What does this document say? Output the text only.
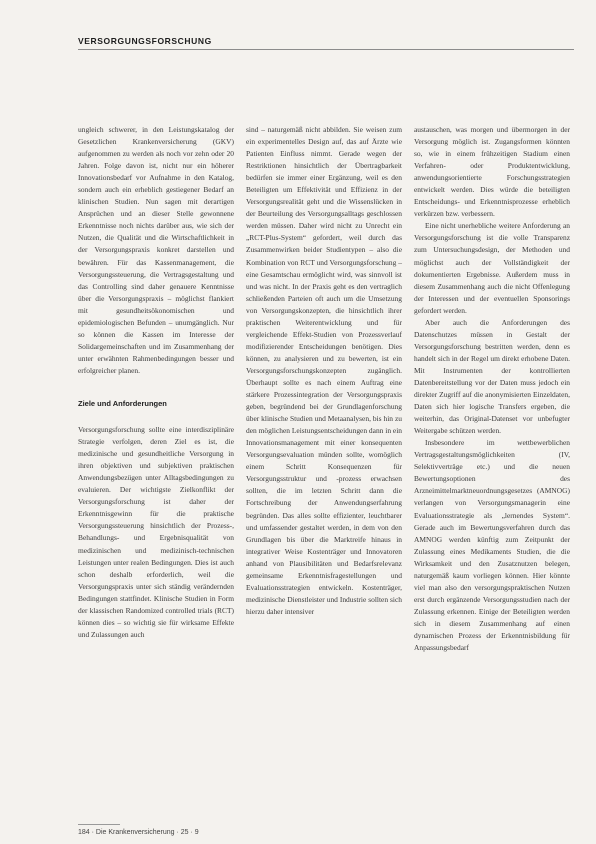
VERSORGUNGSFORSCHUNG

ungleich schwerer, in den Leistungskatalog der Gesetzlichen Krankenversicherung (GKV) aufgenommen zu werden als noch vor zehn oder 20 Jahren. Folge davon ist, nicht nur ein höherer Innovationsbedarf vor Aufnahme in den Katalog, sondern auch ein erheblich gestiegener Bedarf an klinischen Studien. Nun sagen mit derartigen Ansprüchen und an dieser Stelle gewonnene Erkenntnisse noch nichts darüber aus, wie sich der Nutzen, die Qualität und die Wirtschaftlichkeit in der Versorgungspraxis konkret darstellen und bewähren. Für das Kassenmanagement, die Versorgungssteuerung, die Vertragsgestaltung und das Controlling sind daher genauere Kenntnisse über die Versorgungspraxis – möglichst flankiert mit gesundheitsökonomischen und epidemiologischen Befunden – unumgänglich. Nur so können die Kassen im Interesse der Solidargemeinschaften und im Zusammenhang der unter erwähnten Rahmenbedingungen besser und erfolgreicher planen.

Ziele und Anforderungen

Versorgungsforschung sollte eine interdisziplinäre Strategie verfolgen, deren Ziel es ist, die medizinische und gesundheitliche Versorgung in ihren objektiven und subjektiven praktischen Anwendungsbezügen unter Alltagsbedingungen zu evaluieren. Der wichtigste Zielkonflikt der Versorgungsforschung ist daher der Erkenntnisgewinn für die praktische Versorgungssteuerung hinsichtlich der Prozess-, Behandlungs- und Ergebnisqualität von medizinischen und medizinisch-technischen Leistungen unter realen Bedingungen. Dies ist auch schon deshalb erforderlich, weil die Versorgungspraxis unter sich ständig verändernden Bedingungen stattfindet. Klinische Studien in Form der klassischen Randomized controlled trials (RCT) können dies – so wichtig sie für wirksame Effekte und Zulassungen auch

sind – naturgemäß nicht abbilden. Sie weisen zum ein experimentelles Design auf, das auf Ärzte wie Patienten Einfluss nimmt. Gerade wegen der Restriktionen hinsichtlich der Übertragbarkeit bedürfen sie immer einer Ergänzung, weil es den Beteiligten um Effektivität und Effizienz in der Versorgungsrealität geht und die Wissenslücken in der Beurteilung des Versorgungsalltags geschlossen werden müssen. Daher wird nicht zu Unrecht ein „RCT-Plus-System“ gefordert, weil durch das Zusammenwirken beider Studientypen – also die Kombination von RCT und Versorgungsforschung – eine Gesamtschau ermöglicht wird, was sinnvoll ist und was nicht. In der Praxis geht es den vertraglich schließenden Parteien oft auch um die Umsetzung von Versorgungskonzepten, die hinsichtlich ihrer praktischen Weiterentwicklung und für vergleichende Effekt-Studien von Prozessverlauf modifizierender Entscheidungen benötigen. Dies können, zu analysieren und zu bewerten, ist ein Versorgungsforschungskonzepten zugänglich. Überhaupt sollte es nach einem Auftrag eine stärkere Prozessintegration der Versorgungspraxis geben, begründend bei der Grundlagenforschung über klinische Studien und Metaanalysen, bis hin zu den möglichen Leistungsentscheidungen dann in ein Innovationsmanagement mit einer konsequenten Versorgungsevaluation münden sollte, womöglich einem Schritt Konsequenzen für Versorgungsstruktur und -prozess erwachsen sollten, die im letzten Schritt dann die Fortschreibung der Anwendungserfahrung begründen. Das alles sollte effizienter, leuchtbarer und umfassender gestaltet werden, in dem von den Grundlagen bis über die Marktreife hinaus in integrativer Weise Kostenträger und Innovatoren anhand von Plausibilitäten und Bedarfsrelevanz gemeinsame Erkenntnisfragestellungen und Evaluationsstrategien entwickeln. Kostenträger, medizinische Dienstleister und Industrie sollten sich hierzu daher intensiver

austauschen, was morgen und übermorgen in der Versorgung möglich ist. Zugangsformen könnten so, wie in einem frühzeitigen Stadium einen Verfahren- oder Produktentwicklung, anwendungsorientierte Forschungsstrategien entwickelt werden. Dies würde die beteiligten Entscheidungs- und Erkenntnisprozesse erheblich verkürzen bzw. verbessern.

Eine nicht unerhebliche weitere Anforderung an Versorgungsforschung ist die volle Transparenz zum Untersuchungsdesign, der Methoden und möglichst auch der Vollständigkeit der dokumentierten Ergebnisse. Außerdem muss in diesem Zusammenhang auch die nicht Offenlegung der Interessen und der eventuellen Sponsorings gefordert werden.

Aber auch die Anforderungen des Datenschutzes müssen in Gestalt der Versorgungsforschung bestritten werden, denn es handelt sich in der Regel um direkt erhobene Daten. Mit Instrumenten der kontrollierten Datenbereitstellung vor der Daten muss jedoch ein direkter Zugriff auf die anonymisierten Einzeldaten, Daten sich hier logische Transfers ergeben, die weiterhin, das Original-Datenset vor unbefugter Weitergabe schützen werden.

Insbesondere im wettbewerblichen Vertragsgestaltungsmöglichkeiten (IV, Selektivverträge etc.) und die neuen Bewertungsoptionen des Arzneimittelmarktneuordnungsgesetzes (AMNOG) verlangen von Versorgungsmanagerin eine Evaluationsstrategie als „lernendes System“. Gerade auch im Bewertungsverfahren durch das AMNOG werden künftig zum Zeitpunkt der Zulassung eines Medikaments Studien, die die Wirksamkeit und den Zusatznutzen belegen, naturgemäß kaum vorliegen können. Hier könnte viel man also den versorgungspraktischen Nutzen erst durch ergänzende Versorgungsstudien nach der Zulassung erkennen. Einige der Beteiligten werden sich in diesem Zusammenhang auf einen dynamischen Prozess der Erkenntnisbildung für Anpassungsbedarf

184 · Die Krankenversicherung · 25 · 9
